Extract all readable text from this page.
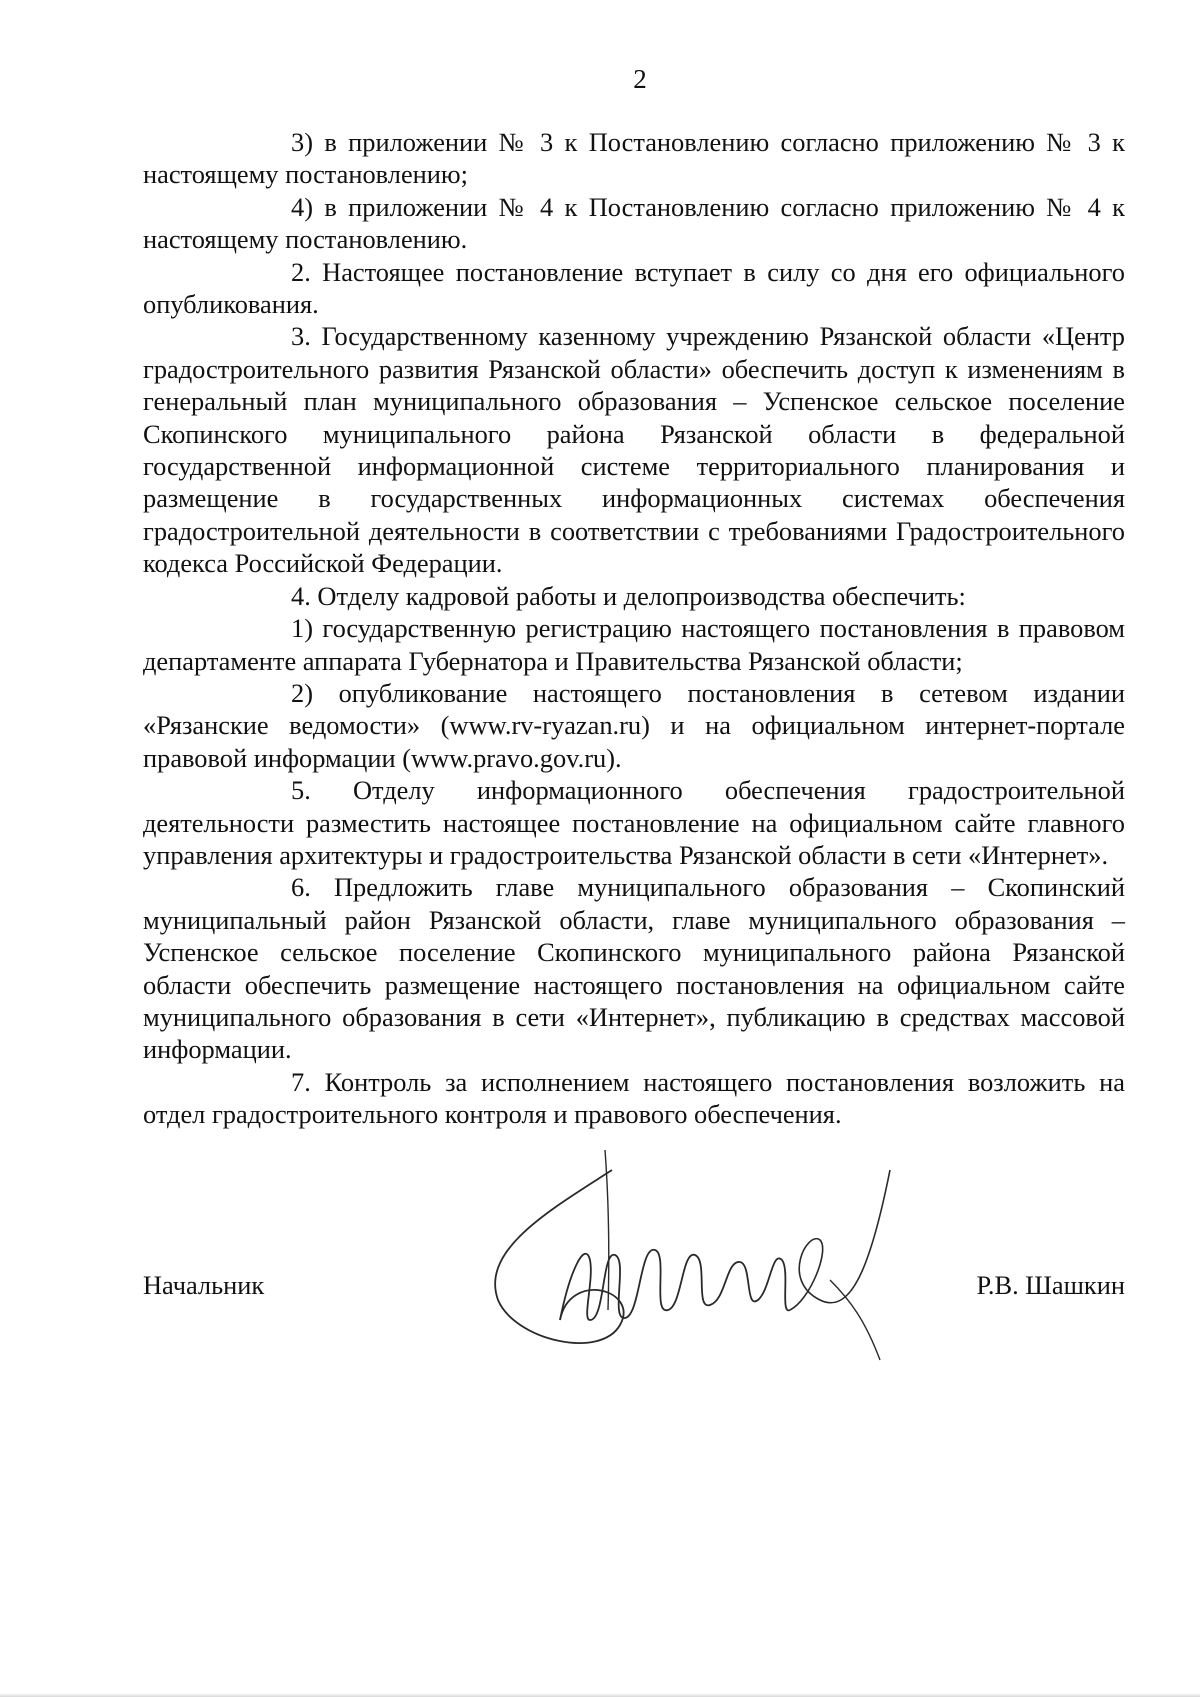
2

3) в приложении № 3 к Постановлению согласно приложению № 3 к настоящему постановлению;

4) в приложении № 4 к Постановлению согласно приложению № 4 к настоящему постановлению.

2. Настоящее постановление вступает в силу со дня его официального опубликования.

3. Государственному казенному учреждению Рязанской области «Центр градостроительного развития Рязанской области» обеспечить доступ к изменениям в генеральный план муниципального образования – Успенское сельское поселение Скопинского муниципального района Рязанской области в федеральной государственной информационной системе территориального планирования и размещение в государственных информационных системах обеспечения градостроительной деятельности в соответствии с требованиями Градостроительного кодекса Российской Федерации.

4. Отделу кадровой работы и делопроизводства обеспечить:

1) государственную регистрацию настоящего постановления в правовом департаменте аппарата Губернатора и Правительства Рязанской области;

2) опубликование настоящего постановления в сетевом издании «Рязанские ведомости» (www.rv-ryazan.ru) и на официальном интернет-портале правовой информации (www.pravo.gov.ru).

5. Отделу информационного обеспечения градостроительной деятельности разместить настоящее постановление на официальном сайте главного управления архитектуры и градостроительства Рязанской области в сети «Интернет».

6. Предложить главе муниципального образования – Скопинский муниципальный район Рязанской области, главе муниципального образования – Успенское сельское поселение Скопинского муниципального района Рязанской области обеспечить размещение настоящего постановления на официальном сайте муниципального образования в сети «Интернет», публикацию в средствах массовой информации.

7. Контроль за исполнением настоящего постановления возложить на отдел градостроительного контроля и правового обеспечения.

Начальник	Р.В. Шашкин
